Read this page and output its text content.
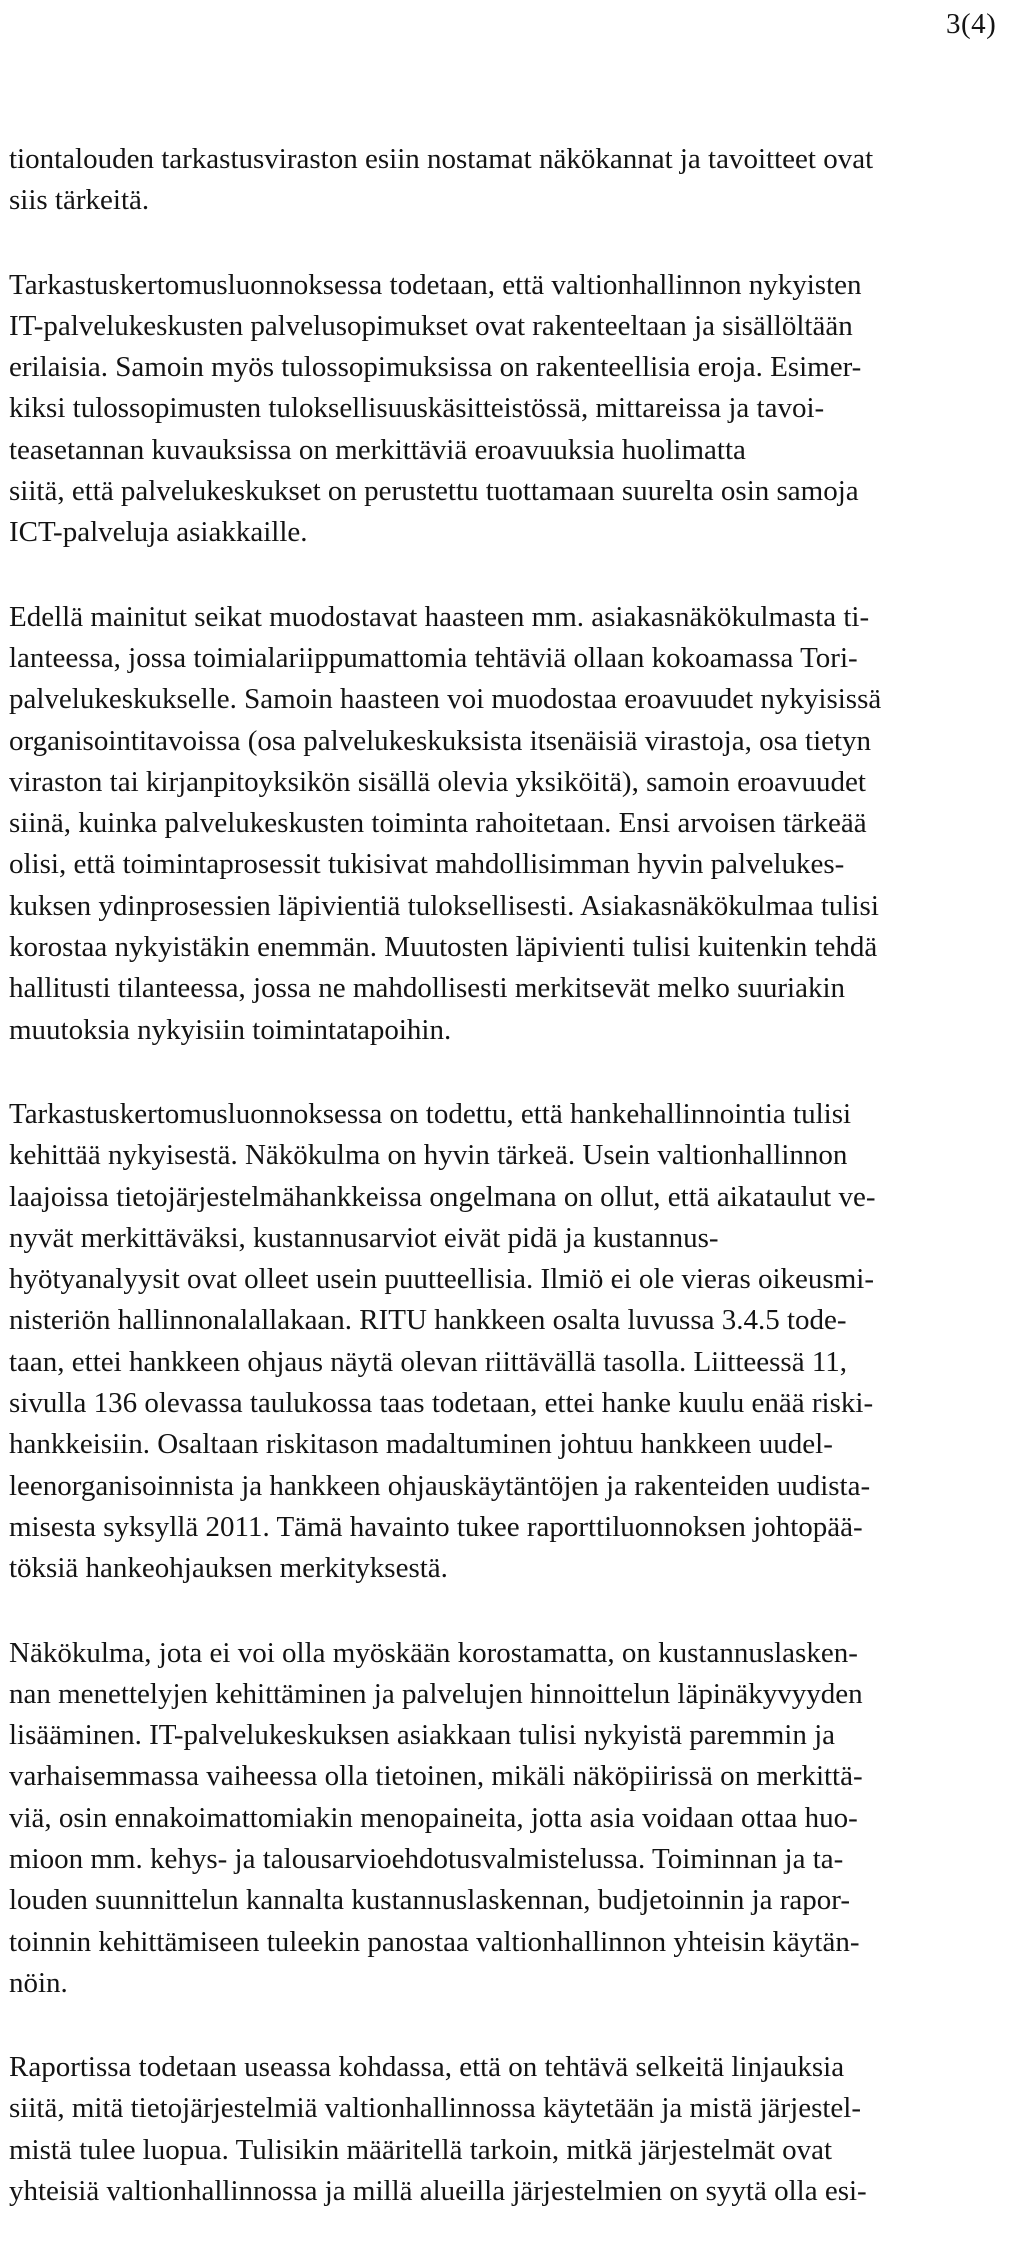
3(4)
tiontalouden tarkastusviraston esiin nostamat näkökannat ja tavoitteet ovat
siis tärkeitä.
Tarkastuskertomusluonnoksessa todetaan, että valtionhallinnon nykyisten
IT-palvelukeskusten palvelusopimukset ovat rakenteeltaan ja sisällöltään
erilaisia. Samoin myös tulossopimuksissa on rakenteellisia eroja. Esimer-
kiksi tulossopimusten tuloksellisuuskäsitteistössä, mittareissa ja tavoi-
teasetannan kuvauksissa on merkittäviä eroavuuksia huolimatta
siitä, että palvelukeskukset on perustettu tuottamaan suurelta osin samoja
ICT-palveluja asiakkaille.
Edellä mainitut seikat muodostavat haasteen mm. asiakasnäkökulmasta ti-
lanteessa, jossa toimialariippumattomia tehtäviä ollaan kokoamassa Tori-
palvelukeskukselle. Samoin haasteen voi muodostaa eroavuudet nykyisissä
organisointitavoissa (osa palvelukeskuksista itsenäisiä virastoja, osa tietyn
viraston tai kirjanpitoyksikön sisällä olevia yksiköitä), samoin eroavuudet
siinä, kuinka palvelukeskusten toiminta rahoitetaan. Ensi arvoisen tärkeää
olisi, että toimintaprosessit tukisivat mahdollisimman hyvin palvelukes-
kuksen ydinprosessien läpivientiä tuloksellisesti. Asiakasnäkökulmaa tulisi
korostaa nykyistäkin enemmän. Muutosten läpivienti tulisi kuitenkin tehdä
hallitusti tilanteessa, jossa ne mahdollisesti merkitsevät melko suuriakin
muutoksia nykyisiin toimintatapoihin.
Tarkastuskertomusluonnoksessa on todettu, että hankehallinnointia tulisi
kehittää nykyisestä. Näkökulma on hyvin tärkeä. Usein valtionhallinnon
laajoissa tietojärjestelmähankkeissa ongelmana on ollut, että aikataulut ve-
nyvät merkittäväksi, kustannusarviot eivät pidä ja kustannus-
hyötyanalyysit ovat olleet usein puutteellisia. Ilmiö ei ole vieras oikeusmi-
nisteriön hallinnonalallakaan. RITU hankkeen osalta luvussa 3.4.5 tode-
taan, ettei hankkeen ohjaus näytä olevan riittävällä tasolla. Liitteessä 11,
sivulla 136 olevassa taulukossa taas todetaan, ettei hanke kuulu enää riski-
hankkeisiin. Osaltaan riskitason madaltuminen johtuu hankkeen uudel-
leenorganisoinnista ja hankkeen ohjauskäytäntöjen ja rakenteiden uudista-
misesta syksyllä 2011. Tämä havainto tukee raporttiluonnoksen johtopää-
töksiä hankeohjauksen merkityksestä.
Näkökulma, jota ei voi olla myöskään korostamatta, on kustannuslasken-
nan menettelyjen kehittäminen ja palvelujen hinnoittelun läpinäkyvyyden
lisääminen. IT-palvelukeskuksen asiakkaan tulisi nykyistä paremmin ja
varhaisemmassa vaiheessa olla tietoinen, mikäli näköpiirissä on merkittä-
viä, osin ennakoimattomiakin menopaineita, jotta asia voidaan ottaa huo-
mioon mm. kehys- ja talousarvioehdotusvalmistelussa. Toiminnan ja ta-
louden suunnittelun kannalta kustannuslaskennan, budjetoinnin ja rapor-
toinnin kehittämiseen tuleekin panostaa valtionhallinnon yhteisin käytän-
nöin.
Raportissa todetaan useassa kohdassa, että on tehtävä selkeitä linjauksia
siitä, mitä tietojärjestelmiä valtionhallinnossa käytetään ja mistä järjestel-
mistä tulee luopua. Tulisikin määritellä tarkoin, mitkä järjestelmät ovat
yhteisiä valtionhallinnossa ja millä alueilla järjestelmien on syytä olla esi-
